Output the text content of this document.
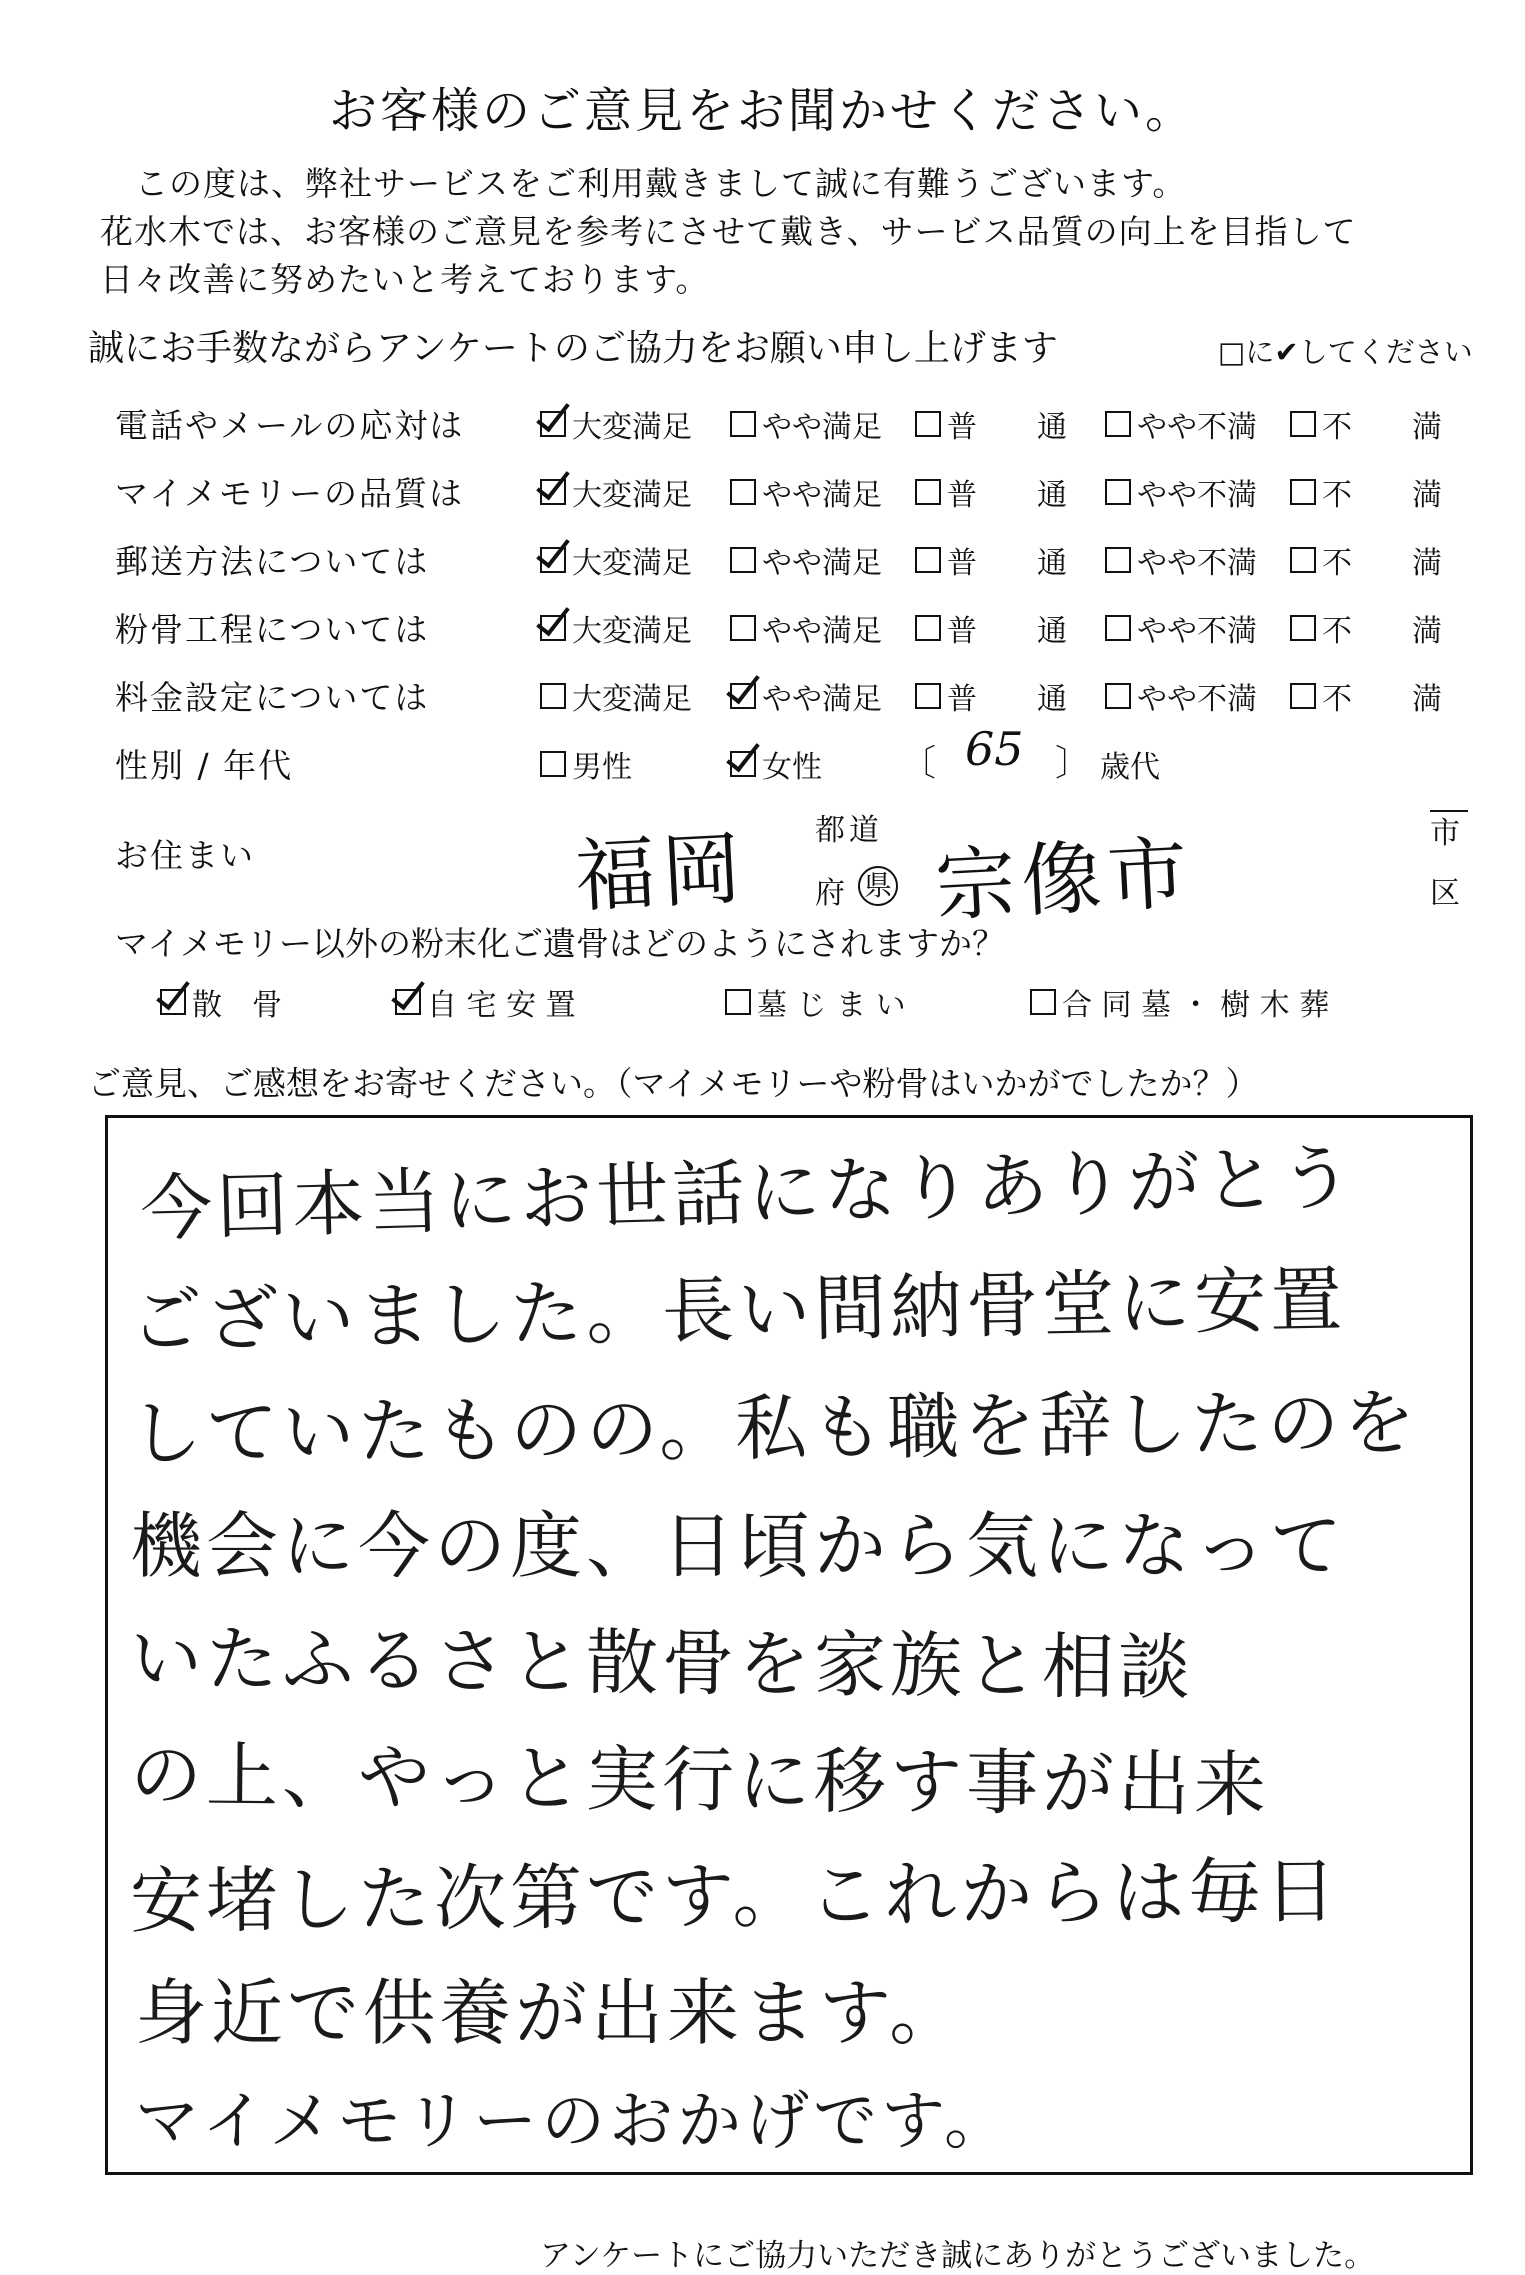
お客様のご意見をお聞かせください。
この度は、弊社サービスをご利用戴きまして誠に有難うございます。
花水木では、お客様のご意見を参考にさせて戴き、サービス品質の向上を目指して
日々改善に努めたいと考えております。
誠にお手数ながらアンケートのご協力をお願い申し上げます	□に✔してください
電話やメールの応対は	大変満足 やや満足 普　　通 やや不満 不　　満
マイメモリーの品質は	大変満足 やや満足 普　　通 やや不満 不　　満
郵送方法については	大変満足 やや満足 普　　通 やや不満 不　　満
粉骨工程については	大変満足 やや満足 普　　通 やや不満 不　　満
料金設定については	大変満足 やや満足 普　　通 やや不満 不　　満
性別 / 年代	男性	女性 〔 65 〕 歳代
お住まい	福岡 都道
府 県 宗像市	市
区
マイメモリー以外の粉末化ご遺骨はどのようにされますか？
散　骨	自 宅 安 置	墓 じ ま い	合 同 墓 ・ 樹 木 葬
ご意見、ご感想をお寄せください。（マイメモリーや粉骨はいかがでしたか？）
今回本当にお世話になりありがとう
ございました。長い間納骨堂に安置
していたものの。私も職を辞したのを
機会に今の度、日頃から気になって
いたふるさと散骨を家族と相談
の上、やっと実行に移す事が出来
安堵した次第です。これからは毎日
身近で供養が出来ます。
マイメモリーのおかげです。
アンケートにご協力いただき誠にありがとうございました。
